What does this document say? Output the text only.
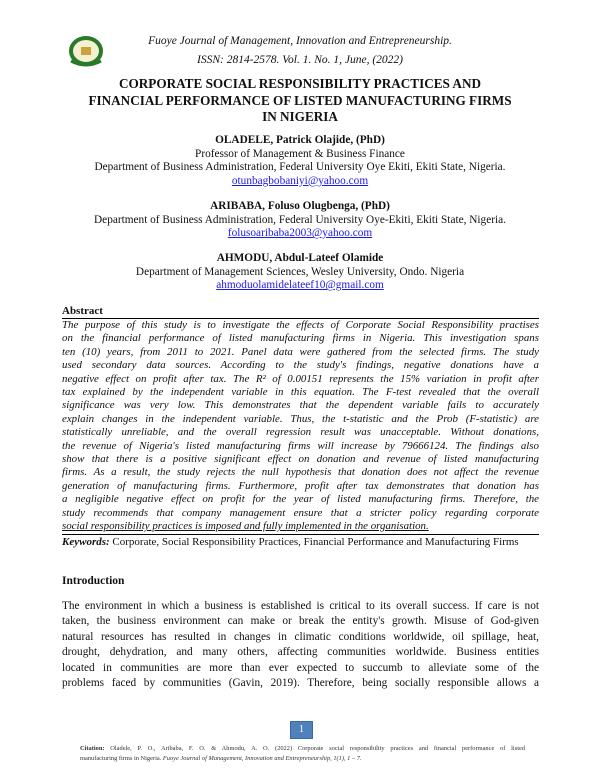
Fuoye Journal of Management, Innovation and Entrepreneurship.
ISSN: 2814-2578. Vol. 1. No. 1, June, (2022)
CORPORATE SOCIAL RESPONSIBILITY PRACTICES AND
FINANCIAL PERFORMANCE OF LISTED MANUFACTURING FIRMS
IN NIGERIA
OLADELE, Patrick Olajide, (PhD)
Professor of Management & Business Finance
Department of Business Administration, Federal University Oye Ekiti, Ekiti State, Nigeria.
otunbagbobaniyi@yahoo.com
ARIBABA, Foluso Olugbenga, (PhD)
Department of Business Administration, Federal University Oye-Ekiti, Ekiti State, Nigeria.
folusoaribaba2003@yahoo.com
AHMODU, Abdul-Lateef Olamide
Department of Management Sciences, Wesley University, Ondo. Nigeria
ahmoduolamidelateef10@gmail.com
Abstract
The purpose of this study is to investigate the effects of Corporate Social Responsibility practises
on the financial performance of listed manufacturing firms in Nigeria. This investigation spans
ten (10) years, from 2011 to 2021. Panel data were gathered from the selected firms. The study
used secondary data sources. According to the study's findings, negative donations have a
negative effect on profit after tax. The R² of 0.00151 represents the 15% variation in profit after
tax explained by the independent variable in this equation. The F-test revealed that the overall
significance was very low. This demonstrates that the dependent variable fails to accurately
explain changes in the independent variable. Thus, the t-statistic and the Prob (F-statistic) are
statistically unreliable, and the overall regression result was unacceptable. Without donations,
the revenue of Nigeria's listed manufacturing firms will increase by 79666124. The findings also
show that there is a positive significant effect on donation and revenue of listed manufacturing
firms. As a result, the study rejects the null hypothesis that donation does not affect the revenue
generation of manufacturing firms. Furthermore, profit after tax demonstrates that donation has
a negligible negative effect on profit for the year of listed manufacturing firms. Therefore, the
study recommends that company management ensure that a stricter policy regarding corporate
social responsibility practices is imposed and fully implemented in the organisation.
Keywords: Corporate, Social Responsibility Practices, Financial Performance and Manufacturing Firms
Introduction
The environment in which a business is established is critical to its overall success. If care is not
taken, the business environment can make or break the entity's growth. Misuse of God-given
natural resources has resulted in changes in climatic conditions worldwide, oil spillage, heat,
drought, dehydration, and many others, affecting communities worldwide. Business entities
located in communities are more than ever expected to succumb to alleviate some of the
problems faced by communities (Gavin, 2019). Therefore, being socially responsible allows a
1
Citation: Oladele, P. O., Aribaba, F. O. & Ahmodu, A. O. (2022) Corporate social responsibility practices and financial performance of listed
manufacturing firms in Nigeria. Fuoye Journal of Management, Innovation and Entrepreneurship, 1(1), 1 – 7.
